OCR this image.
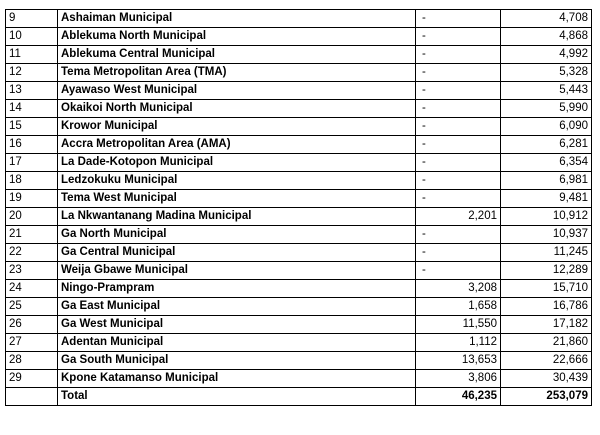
9	Ashaiman Municipal	-	4,708
10	Ablekuma North Municipal	-	4,868
11	Ablekuma Central Municipal	-	4,992
12	Tema Metropolitan Area (TMA)	-	5,328
13	Ayawaso West Municipal	-	5,443
14	Okaikoi North Municipal	-	5,990
15	Krowor Municipal	-	6,090
16	Accra Metropolitan Area (AMA)	-	6,281
17	La Dade-Kotopon Municipal	-	6,354
18	Ledzokuku Municipal	-	6,981
19	Tema West Municipal	-	9,481
20	La Nkwantanang Madina Municipal	2,201	10,912
21	Ga North Municipal	-	10,937
22	Ga Central Municipal	-	11,245
23	Weija Gbawe Municipal	-	12,289
24	Ningo-Prampram	3,208	15,710
25	Ga East Municipal	1,658	16,786
26	Ga West Municipal	11,550	17,182
27	Adentan Municipal	1,112	21,860
28	Ga South Municipal	13,653	22,666
29	Kpone Katamanso Municipal	3,806	30,439
	Total	46,235	253,079
